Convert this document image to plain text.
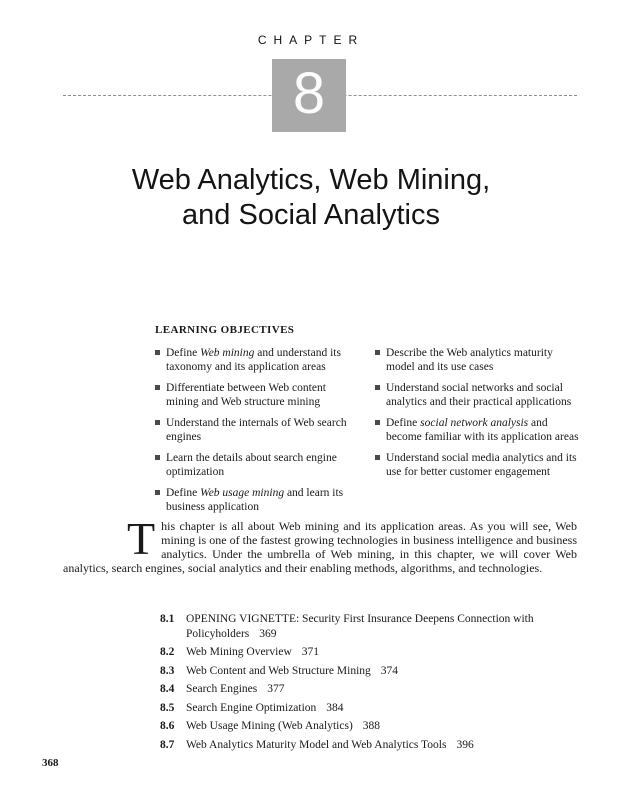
CHAPTER
8
Web Analytics, Web Mining,
and Social Analytics
LEARNING OBJECTIVES
Define Web mining and understand its taxonomy and its application areas
Differentiate between Web content mining and Web structure mining
Understand the internals of Web search engines
Learn the details about search engine optimization
Define Web usage mining and learn its business application
Describe the Web analytics maturity model and its use cases
Understand social networks and social analytics and their practical applications
Define social network analysis and become familiar with its application areas
Understand social media analytics and its use for better customer engagement

This chapter is all about Web mining and its application areas. As you will see, Web mining is one of the fastest growing technologies in business intelligence and business analytics. Under the umbrella of Web mining, in this chapter, we will cover Web analytics, search engines, social analytics and their enabling methods, algorithms, and technologies.

8.1 OPENING VIGNETTE: Security First Insurance Deepens Connection with Policyholders 369
8.2 Web Mining Overview 371
8.3 Web Content and Web Structure Mining 374
8.4 Search Engines 377
8.5 Search Engine Optimization 384
8.6 Web Usage Mining (Web Analytics) 388
8.7 Web Analytics Maturity Model and Web Analytics Tools 396
368
